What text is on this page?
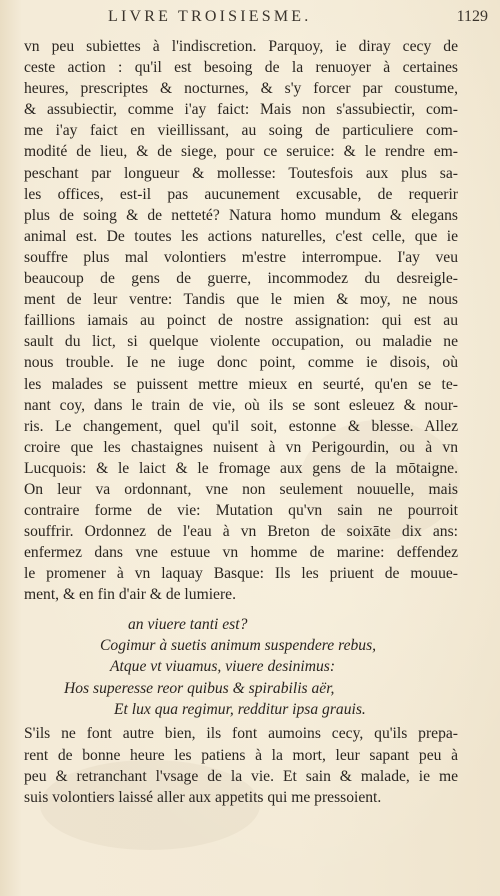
LIVRE TROISIESME.	1129
vn peu subiettes à l'indiscretion. Parquoy, ie diray cecy de
ceste action : qu'il est besoing de la renuoyer à certaines
heures, prescriptes & nocturnes, & s'y forcer par coustume,
& assubiectir, comme i'ay faict: Mais non s'assubiectir, com-
me i'ay faict en vieillissant, au soing de particuliere com-
modité de lieu, & de siege, pour ce seruice: & le rendre em-
peschant par longueur & mollesse: Toutesfois aux plus sa-
les offices, est-il pas aucunement excusable, de requerir
plus de soing & de netteté? Natura homo mundum & elegans
animal est. De toutes les actions naturelles, c'est celle, que ie
souffre plus mal volontiers m'estre interrompue. I'ay veu
beaucoup de gens de guerre, incommodez du desreigle-
ment de leur ventre: Tandis que le mien & moy, ne nous
faillions iamais au poinct de nostre assignation: qui est au
sault du lict, si quelque violente occupation, ou maladie ne
nous trouble. Ie ne iuge donc point, comme ie disois, où
les malades se puissent mettre mieux en seurté, qu'en se te-
nant coy, dans le train de vie, où ils se sont esleuez & nour-
ris. Le changement, quel qu'il soit, estonne & blesse. Allez
croire que les chastaignes nuisent à vn Perigourdin, ou à vn
Lucquois: & le laict & le fromage aux gens de la mōtaigne.
On leur va ordonnant, vne non seulement nouuelle, mais
contraire forme de vie: Mutation qu'vn sain ne pourroit
souffrir. Ordonnez de l'eau à vn Breton de soixāte dix ans:
enfermez dans vne estuue vn homme de marine: deffendez
le promener à vn laquay Basque: Ils les priuent de mouue-
ment, & en fin d'air & de lumiere.
an viuere tanti est?
Cogimur à suetis animum suspendere rebus,
Atque vt viuamus, viuere desinimus:
Hos superesse reor quibus & spirabilis aër,
Et lux qua regimur, redditur ipsa grauis.
S'ils ne font autre bien, ils font aumoins cecy, qu'ils prepa-
rent de bonne heure les patiens à la mort, leur sapant peu à
peu & retranchant l'vsage de la vie. Et sain & malade, ie me
suis volontiers laissé aller aux appetits qui me pressoient.
